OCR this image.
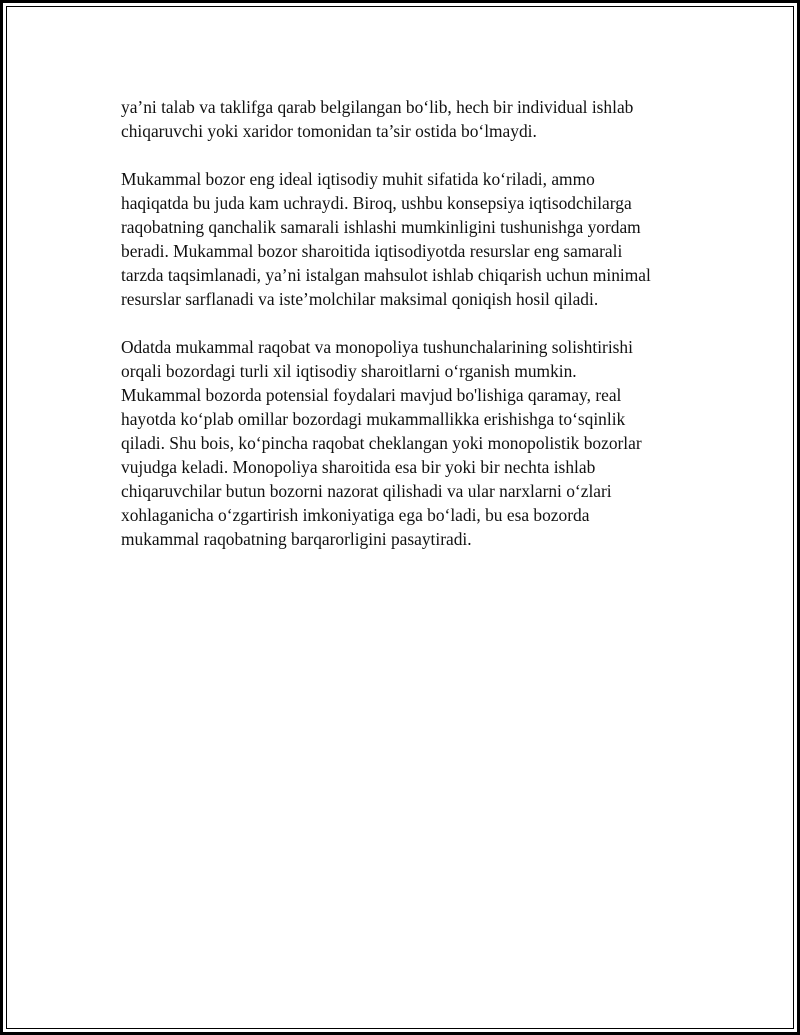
ya’ni talab va taklifga qarab belgilangan bo‘lib, hech bir individual ishlab
chiqaruvchi yoki xaridor tomonidan ta’sir ostida bo‘lmaydi.

Mukammal bozor eng ideal iqtisodiy muhit sifatida ko‘riladi, ammo
haqiqatda bu juda kam uchraydi. Biroq, ushbu konsepsiya iqtisodchilarga
raqobatning qanchalik samarali ishlashi mumkinligini tushunishga yordam
beradi. Mukammal bozor sharoitida iqtisodiyotda resurslar eng samarali
tarzda taqsimlanadi, ya’ni istalgan mahsulot ishlab chiqarish uchun minimal
resurslar sarflanadi va iste’molchilar maksimal qoniqish hosil qiladi.

Odatda mukammal raqobat va monopoliya tushunchalarining solishtirishi
orqali bozordagi turli xil iqtisodiy sharoitlarni o‘rganish mumkin.
Mukammal bozorda potensial foydalari mavjud bo'lishiga qaramay, real
hayotda ko‘plab omillar bozordagi mukammallikka erishishga to‘sqinlik
qiladi. Shu bois, ko‘pincha raqobat cheklangan yoki monopolistik bozorlar
vujudga keladi. Monopoliya sharoitida esa bir yoki bir nechta ishlab
chiqaruvchilar butun bozorni nazorat qilishadi va ular narxlarni o‘zlari
xohlaganicha o‘zgartirish imkoniyatiga ega bo‘ladi, bu esa bozorda
mukammal raqobatning barqarorligini pasaytiradi.
